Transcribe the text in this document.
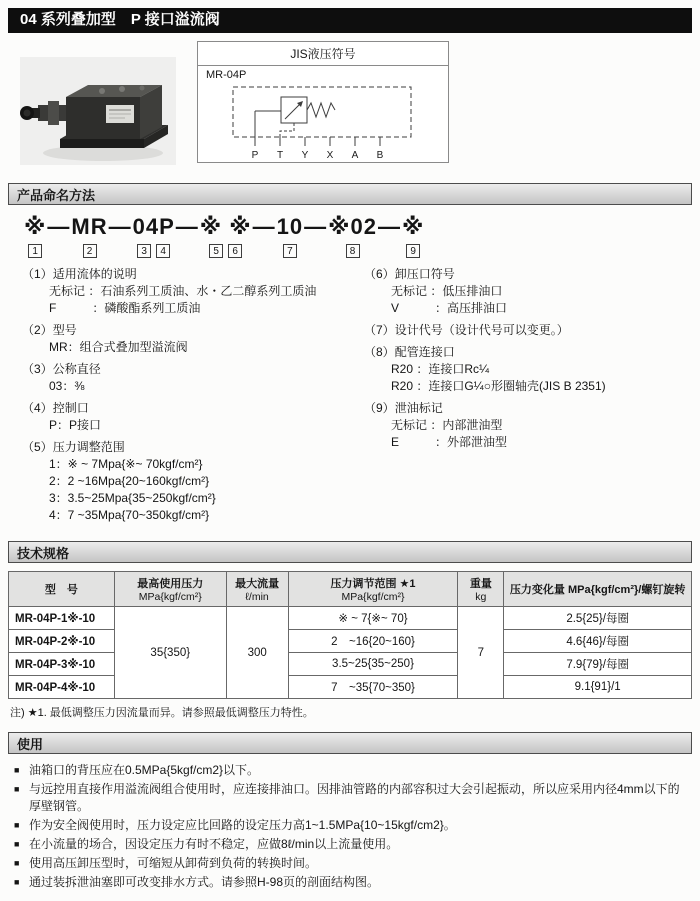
04 系列叠加型　P 接口溢流阀
JIS液压符号
MR-04P
P T Y X A B
产品命名方法
※
1
— MR
2
— 04P
3	4
— ※ ※
5	6
— 10
7
— ※02
8
— ※
9
（1）适用流体的说明
无标记 ：石油系列工质油、水・乙二醇系列工质油
F　　　：磷酸酯系列工质油
（2）型号
MR：组合式叠加型溢流阀
（3）公称直径
03：⅜
（4）控制口
P：P接口
（5）压力调整范围
1：※ ~ 7Mpa{※~ 70kgf/cm²}
2：2 ~16Mpa{20~160kgf/cm²}
3：3.5~25Mpa{35~250kgf/cm²}
4：7 ~35Mpa{70~350kgf/cm²}
（6）卸压口符号
无标记 ：低压排油口
V　　　：高压排油口
（7）设计代号（设计代号可以变更。）
（8）配管连接口
R20 ：连接口Rc¼
R20 ：连接口G¼○形圈轴壳(JIS B 2351)
（9）泄油标记
无标记 ：内部泄油型
E　　　：外部泄油型
技术规格
型　号	最高使用压力
MPa{kgf/cm²}

最大流量
ℓ/min

压力调节范围 ★1
MPa{kgf/cm²}

重量
kg

压力变化量 MPa{kgf/cm²}/螺钉旋转

MR-04P-1※-10	35{350}	300	※ ~ 7{※~ 70}	7	2.5{25}/每圈
MR-04P-2※-10			2　~16{20~160}		4.6{46}/每圈
MR-04P-3※-10			3.5~25{35~250}		7.9{79}/每圈
MR-04P-4※-10			7　~35{70~350}		9.1{91}/1
注) ★1. 最低调整压力因流量而异。请参照最低调整压力特性。
使用
■ 油箱口的背压应在0.5MPa{5kgf/cm2}以下。
■ 与远控用直接作用溢流阀组合使用时，应连接排油口。因排油管路的内部容积过大会引起振动，所以应采用内径4mm以下的厚壁钢管。
■ 作为安全阀使用时，压力设定应比回路的设定压力高1~1.5MPa{10~15kgf/cm2}。
■ 在小流量的场合，因设定压力有时不稳定，应做8ℓ/min以上流量使用。
■ 使用高压卸压型时，可缩短从卸荷到负荷的转换时间。
■ 通过装拆泄油塞即可改变排水方式。请参照H-98页的剖面结构图。
